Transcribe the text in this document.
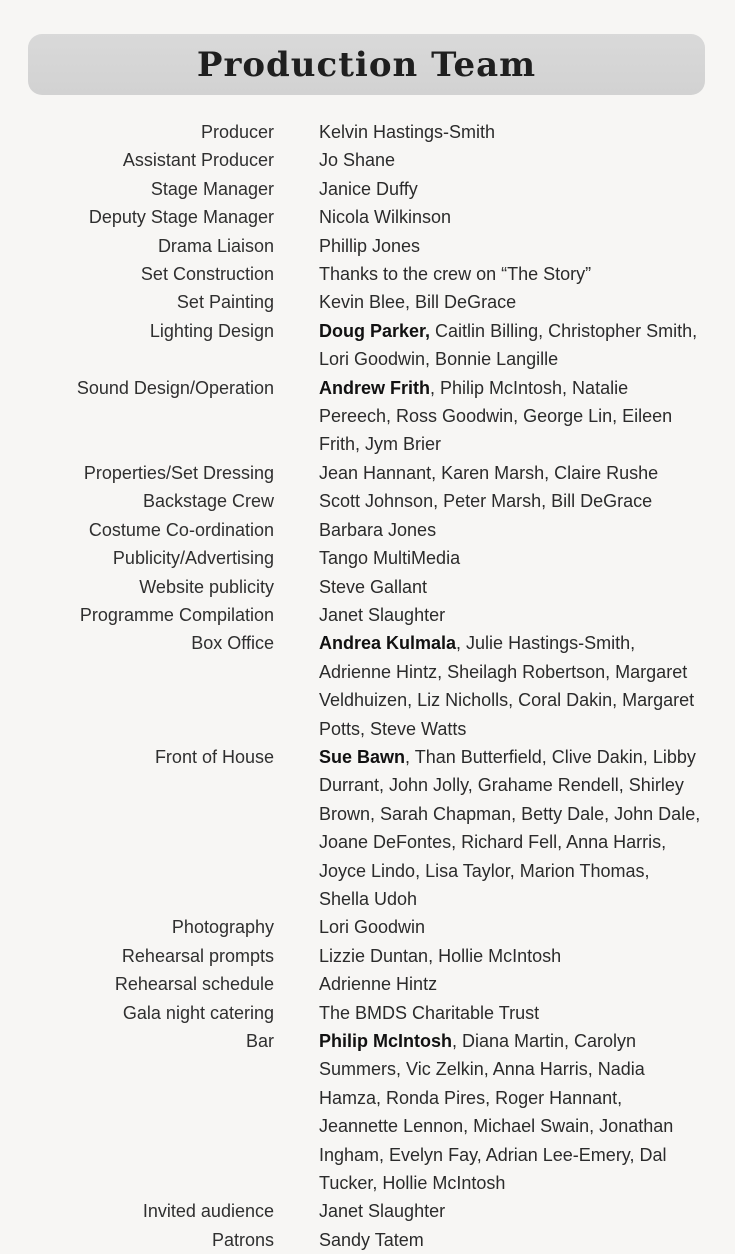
Production Team
Producer	Kelvin Hastings-Smith
Assistant Producer	Jo Shane
Stage Manager	Janice Duffy
Deputy Stage Manager	Nicola Wilkinson
Drama Liaison	Phillip Jones
Set Construction	Thanks to the crew on “The Story”
Set Painting	Kevin Blee, Bill DeGrace
Lighting Design	Doug Parker, Caitlin Billing, Christopher Smith, Lori Goodwin, Bonnie Langille
Sound Design/Operation	Andrew Frith, Philip McIntosh, Natalie Pereech, Ross Goodwin, George Lin, Eileen Frith, Jym Brier
Properties/Set Dressing	Jean Hannant, Karen Marsh, Claire Rushe
Backstage Crew	Scott Johnson, Peter Marsh, Bill DeGrace
Costume Co-ordination	Barbara Jones
Publicity/Advertising	Tango MultiMedia
Website publicity	Steve Gallant
Programme Compilation	Janet Slaughter
Box Office	Andrea Kulmala, Julie Hastings-Smith, Adrienne Hintz, Sheilagh Robertson, Margaret Veldhuizen, Liz Nicholls, Coral Dakin, Margaret Potts, Steve Watts
Front of House	Sue Bawn, Than Butterfield, Clive Dakin, Libby Durrant, John Jolly, Grahame Rendell, Shirley Brown, Sarah Chapman, Betty Dale, John Dale, Joane DeFontes, Richard Fell, Anna Harris, Joyce Lindo, Lisa Taylor, Marion Thomas, Shella Udoh
Photography	Lori Goodwin
Rehearsal prompts	Lizzie Duntan, Hollie McIntosh
Rehearsal schedule	Adrienne Hintz
Gala night catering	The BMDS Charitable Trust
Bar	Philip McIntosh, Diana Martin, Carolyn Summers, Vic Zelkin, Anna Harris, Nadia Hamza, Ronda Pires, Roger Hannant, Jeannette Lennon, Michael Swain, Jonathan Ingham, Evelyn Fay, Adrian Lee-Emery, Dal Tucker, Hollie McIntosh
Invited audience	Janet Slaughter
Patrons	Sandy Tatem
